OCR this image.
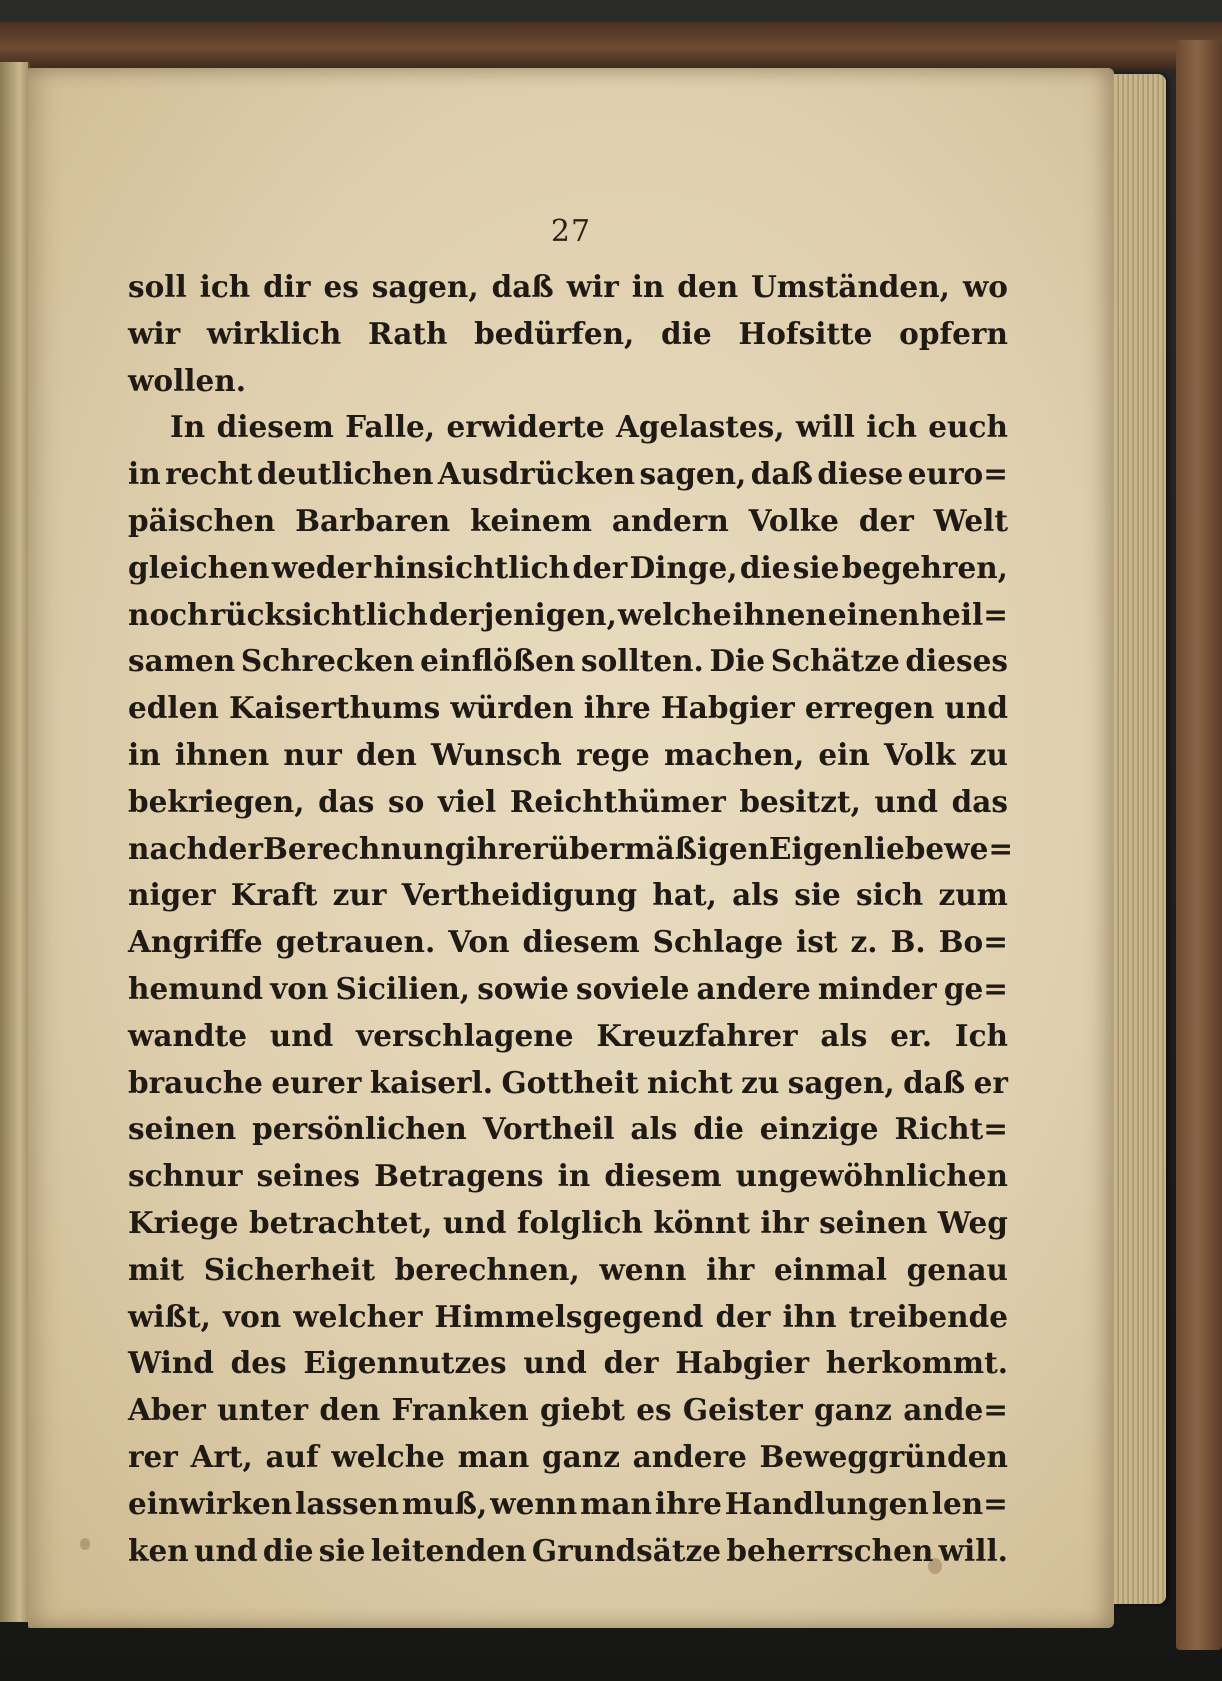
27
soll ich dir es sagen, daß wir in den Umständen, wo
wir wirklich Rath bedürfen, die Hofsitte opfern
wollen.
In diesem Falle, erwiderte Agelastes, will ich euch
in recht deutlichen Ausdrücken sagen, daß diese euro=
päischen Barbaren keinem andern Volke der Welt
gleichen weder hinsichtlich der Dinge, die sie begehren,
noch rücksichtlich derjenigen, welche ihnen einen heil=
samen Schrecken einflößen sollten. Die Schätze dieses
edlen Kaiserthums würden ihre Habgier erregen und
in ihnen nur den Wunsch rege machen, ein Volk zu
bekriegen, das so viel Reichthümer besitzt, und das
nach der Berechnung ihrer übermäßigen Eigenliebe we=
niger Kraft zur Vertheidigung hat, als sie sich zum
Angriffe getrauen. Von diesem Schlage ist z. B. Bo=
hemund von Sicilien, sowie soviele andere minder ge=
wandte und verschlagene Kreuzfahrer als er. Ich
brauche eurer kaiserl. Gottheit nicht zu sagen, daß er
seinen persönlichen Vortheil als die einzige Richt=
schnur seines Betragens in diesem ungewöhnlichen
Kriege betrachtet, und folglich könnt ihr seinen Weg
mit Sicherheit berechnen, wenn ihr einmal genau
wißt, von welcher Himmelsgegend der ihn treibende
Wind des Eigennutzes und der Habgier herkommt.
Aber unter den Franken giebt es Geister ganz ande=
rer Art, auf welche man ganz andere Beweggründen
einwirken lassen muß, wenn man ihre Handlungen len=
ken und die sie leitenden Grundsätze beherrschen will.
